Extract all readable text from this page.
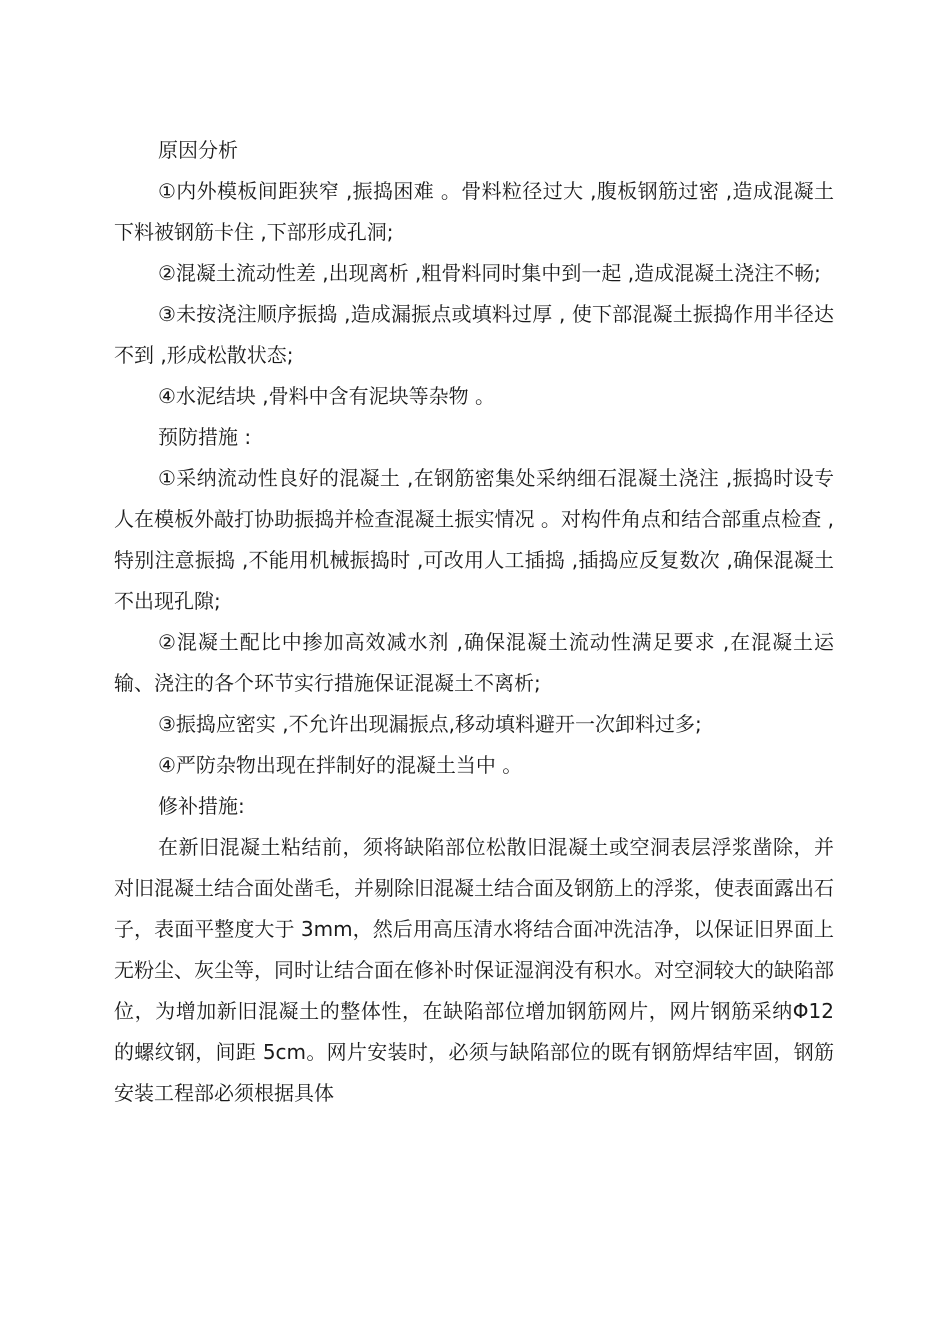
原因分析

①内外模板间距狭窄 ,振捣困难 。骨料粒径过大 ,腹板钢筋过密 ,造成混凝土下料被钢筋卡住 ,下部形成孔洞;

②混凝土流动性差 ,出现离析 ,粗骨料同时集中到一起 ,造成混凝土浇注不畅;

③未按浇注顺序振捣 ,造成漏振点或填料过厚 , 使下部混凝土振捣作用半径达不到 ,形成松散状态;

④水泥结块 ,骨料中含有泥块等杂物 。

预防措施 :

①采纳流动性良好的混凝土 ,在钢筋密集处采纳细石混凝土浇注 ,振捣时设专人在模板外敲打协助振捣并检查混凝土振实情况 。对构件角点和结合部重点检查 ,特别注意振捣 ,不能用机械振捣时 ,可改用人工插捣 ,插捣应反复数次 ,确保混凝土不出现孔隙;

②混凝土配比中掺加高效减水剂 ,确保混凝土流动性满足要求 ,在混凝土运输、浇注的各个环节实行措施保证混凝土不离析;

③振捣应密实 ,不允许出现漏振点,移动填料避开一次卸料过多;

④严防杂物出现在拌制好的混凝土当中 。

修补措施:

在新旧混凝土粘结前，须将缺陷部位松散旧混凝土或空洞表层浮浆凿除，并对旧混凝土结合面处凿毛，并剔除旧混凝土结合面及钢筋上的浮浆，使表面露出石子，表面平整度大于 3mm，然后用高压清水将结合面冲洗洁净，以保证旧界面上无粉尘、灰尘等，同时让结合面在修补时保证湿润没有积水。对空洞较大的缺陷部位，为增加新旧混凝土的整体性，在缺陷部位增加钢筋网片，网片钢筋采纳Φ12 的螺纹钢，间距 5cm。网片安装时，必须与缺陷部位的既有钢筋焊结牢固，钢筋安装工程部必须根据具体
